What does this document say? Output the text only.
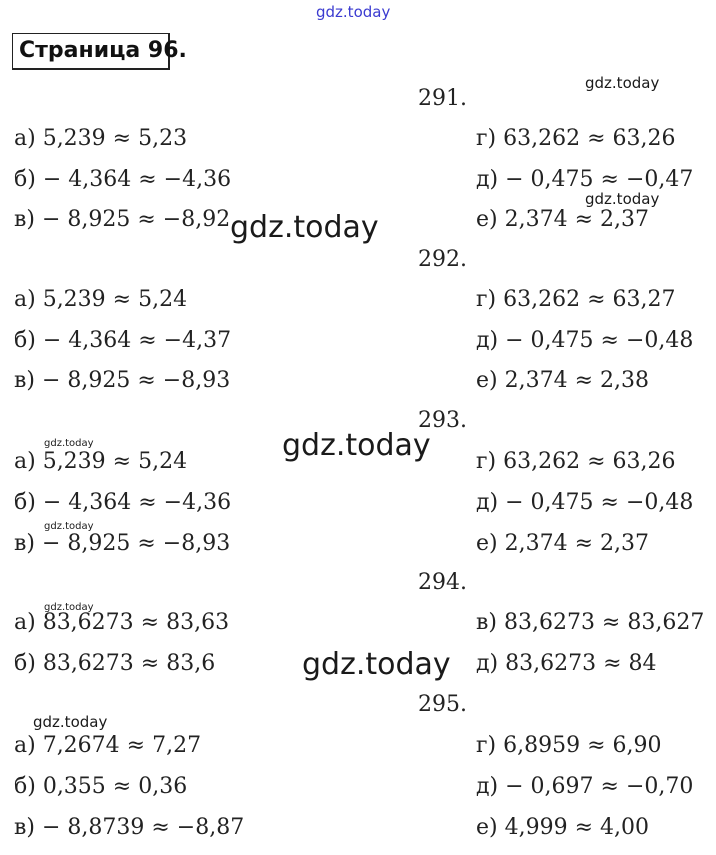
gdz.today
gdz.today
gdz.today
gdz.today
gdz.today
gdz.today
gdz.today
gdz.today
gdz.today
gdz.today
Страница 96.
291.
а) 5,239 ≈ 5,23
б) − 4,364 ≈ −4,36
в) − 8,925 ≈ −8,92
г) 63,262 ≈ 63,26
д) − 0,475 ≈ −0,47
е) 2,374 ≈ 2,37
292.
а) 5,239 ≈ 5,24
б) − 4,364 ≈ −4,37
в) − 8,925 ≈ −8,93
г) 63,262 ≈ 63,27
д) − 0,475 ≈ −0,48
е) 2,374 ≈ 2,38
293.
а) 5,239 ≈ 5,24
б) − 4,364 ≈ −4,36
в) − 8,925 ≈ −8,93
г) 63,262 ≈ 63,26
д) − 0,475 ≈ −0,48
е) 2,374 ≈ 2,37
294.
а) 83,6273 ≈ 83,63
б) 83,6273 ≈ 83,6
в) 83,6273 ≈ 83,627
д) 83,6273 ≈ 84
295.
а) 7,2674 ≈ 7,27
б) 0,355 ≈ 0,36
в) − 8,8739 ≈ −8,87
г) 6,8959 ≈ 6,90
д) − 0,697 ≈ −0,70
е) 4,999 ≈ 4,00
